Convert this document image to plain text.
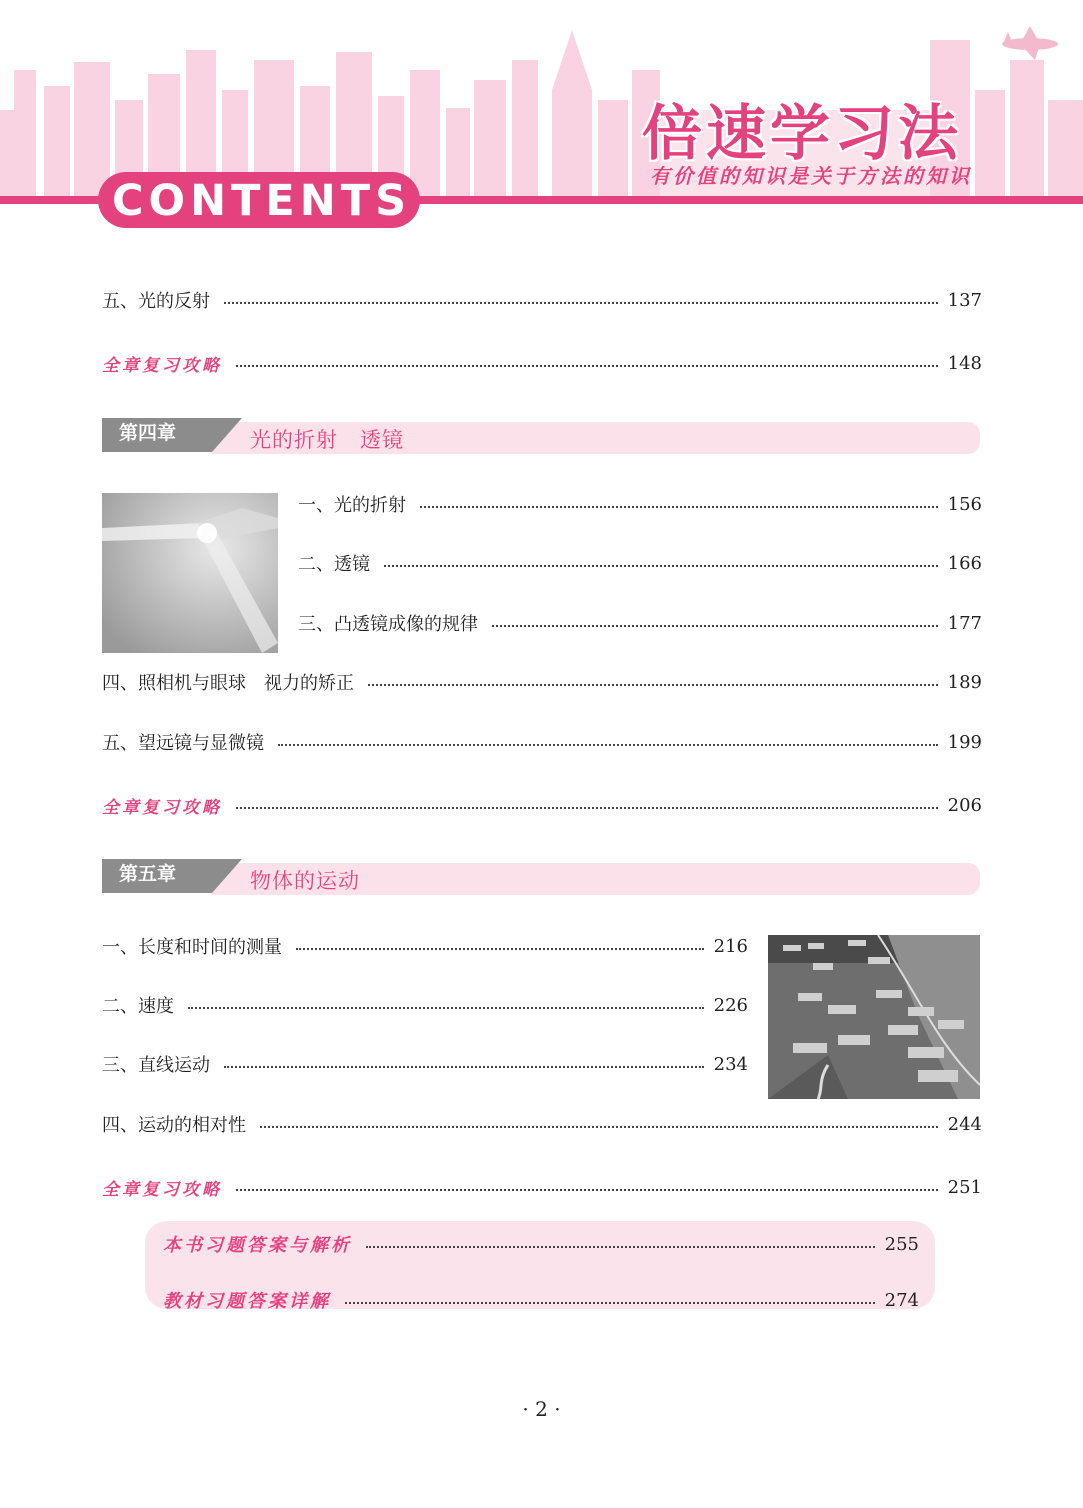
倍速学习法
有价值的知识是关于方法的知识
CONTENTS
五、光的反射	137
全章复习攻略	148
第四章	光的折射　透镜
一、光的折射	156
二、透镜	166
三、凸透镜成像的规律	177
四、照相机与眼球　视力的矫正	189
五、望远镜与显微镜	199
全章复习攻略	206
第五章	物体的运动
一、长度和时间的测量	216
二、速度	226
三、直线运动	234
四、运动的相对性	244
全章复习攻略	251
本书习题答案与解析	255
教材习题答案详解	274
· 2 ·
